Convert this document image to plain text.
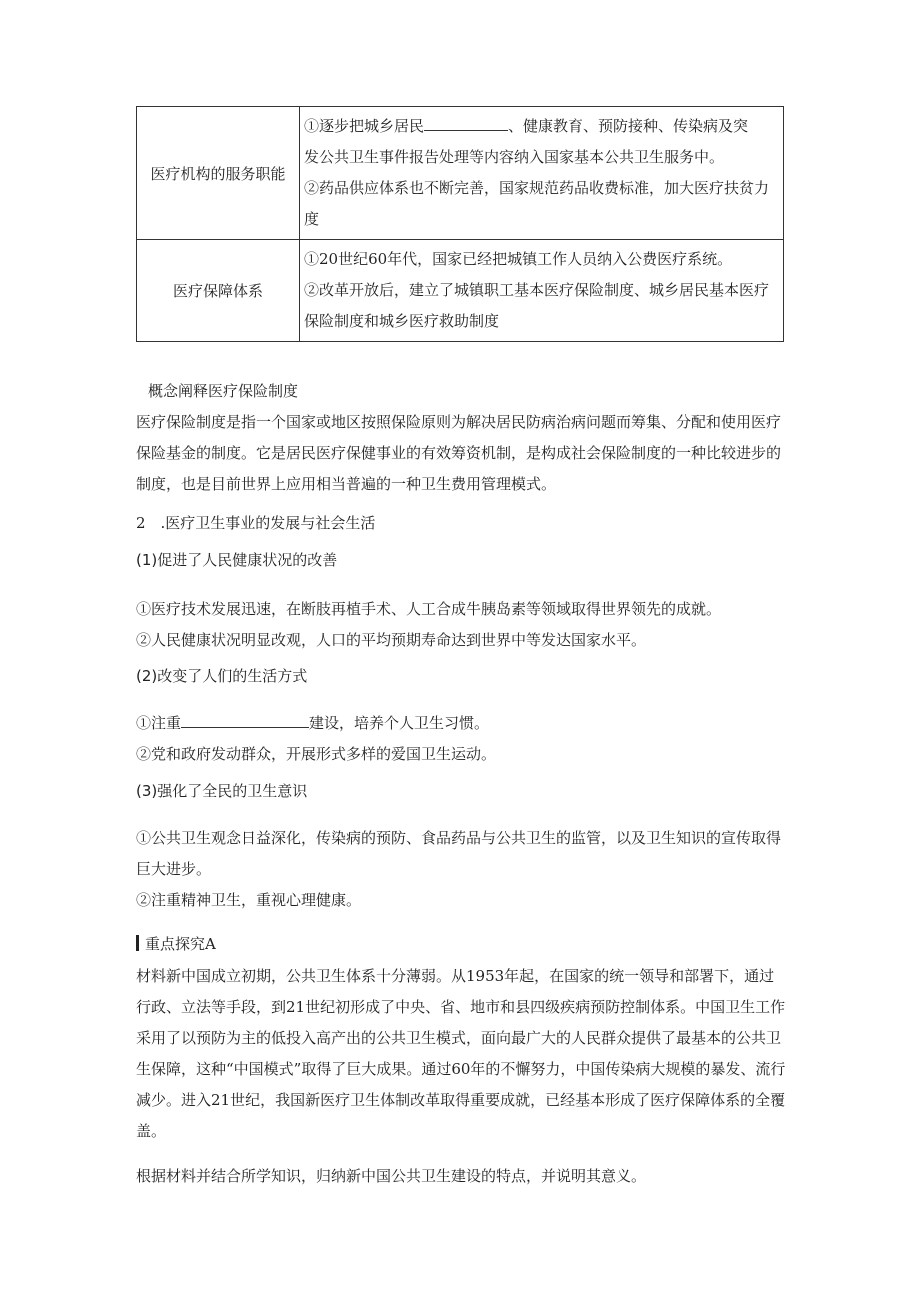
医疗机构的服务职能	①逐步把城乡居民 、健康教育、预防接种、传染病及突
发公共卫生事件报告处理等内容纳入国家基本公共卫生服务中。
②药品供应体系也不断完善，国家规范药品收费标准，加大医疗扶贫力
度

医疗保障体系	①20世纪60年代，国家已经把城镇工作人员纳入公费医疗系统。
②改革开放后，建立了城镇职工基本医疗保险制度、城乡居民基本医疗
保险制度和城乡医疗救助制度

概念阐释医疗保险制度

医疗保险制度是指一个国家或地区按照保险原则为解决居民防病治病问题而筹集、分配和使用医疗保险基金的制度。它是居民医疗保健事业的有效筹资机制，是构成社会保险制度的一种比较进步的制度，也是目前世界上应用相当普遍的一种卫生费用管理模式。

2　.医疗卫生事业的发展与社会生活

(1)促进了人民健康状况的改善

①医疗技术发展迅速，在断肢再植手术、人工合成牛胰岛素等领域取得世界领先的成就。

②人民健康状况明显改观，人口的平均预期寿命达到世界中等发达国家水平。

(2)改变了人们的生活方式

①注重	建设，培养个人卫生习惯。

②党和政府发动群众，开展形式多样的爱国卫生运动。

(3)强化了全民的卫生意识

①公共卫生观念日益深化，传染病的预防、食品药品与公共卫生的监管，以及卫生知识的宣传取得巨大进步。

②注重精神卫生，重视心理健康。

重点探究A

材料新中国成立初期，公共卫生体系十分薄弱。从1953年起，在国家的统一领导和部署下，通过行政、立法等手段，到21世纪初形成了中央、省、地市和县四级疾病预防控制体系。中国卫生工作采用了以预防为主的低投入高产出的公共卫生模式，面向最广大的人民群众提供了最基本的公共卫生保障，这种“中国模式”取得了巨大成果。通过60年的不懈努力，中国传染病大规模的暴发、流行减少。进入21世纪，我国新医疗卫生体制改革取得重要成就，已经基本形成了医疗保障体系的全覆盖。

根据材料并结合所学知识，归纳新中国公共卫生建设的特点，并说明其意义。
